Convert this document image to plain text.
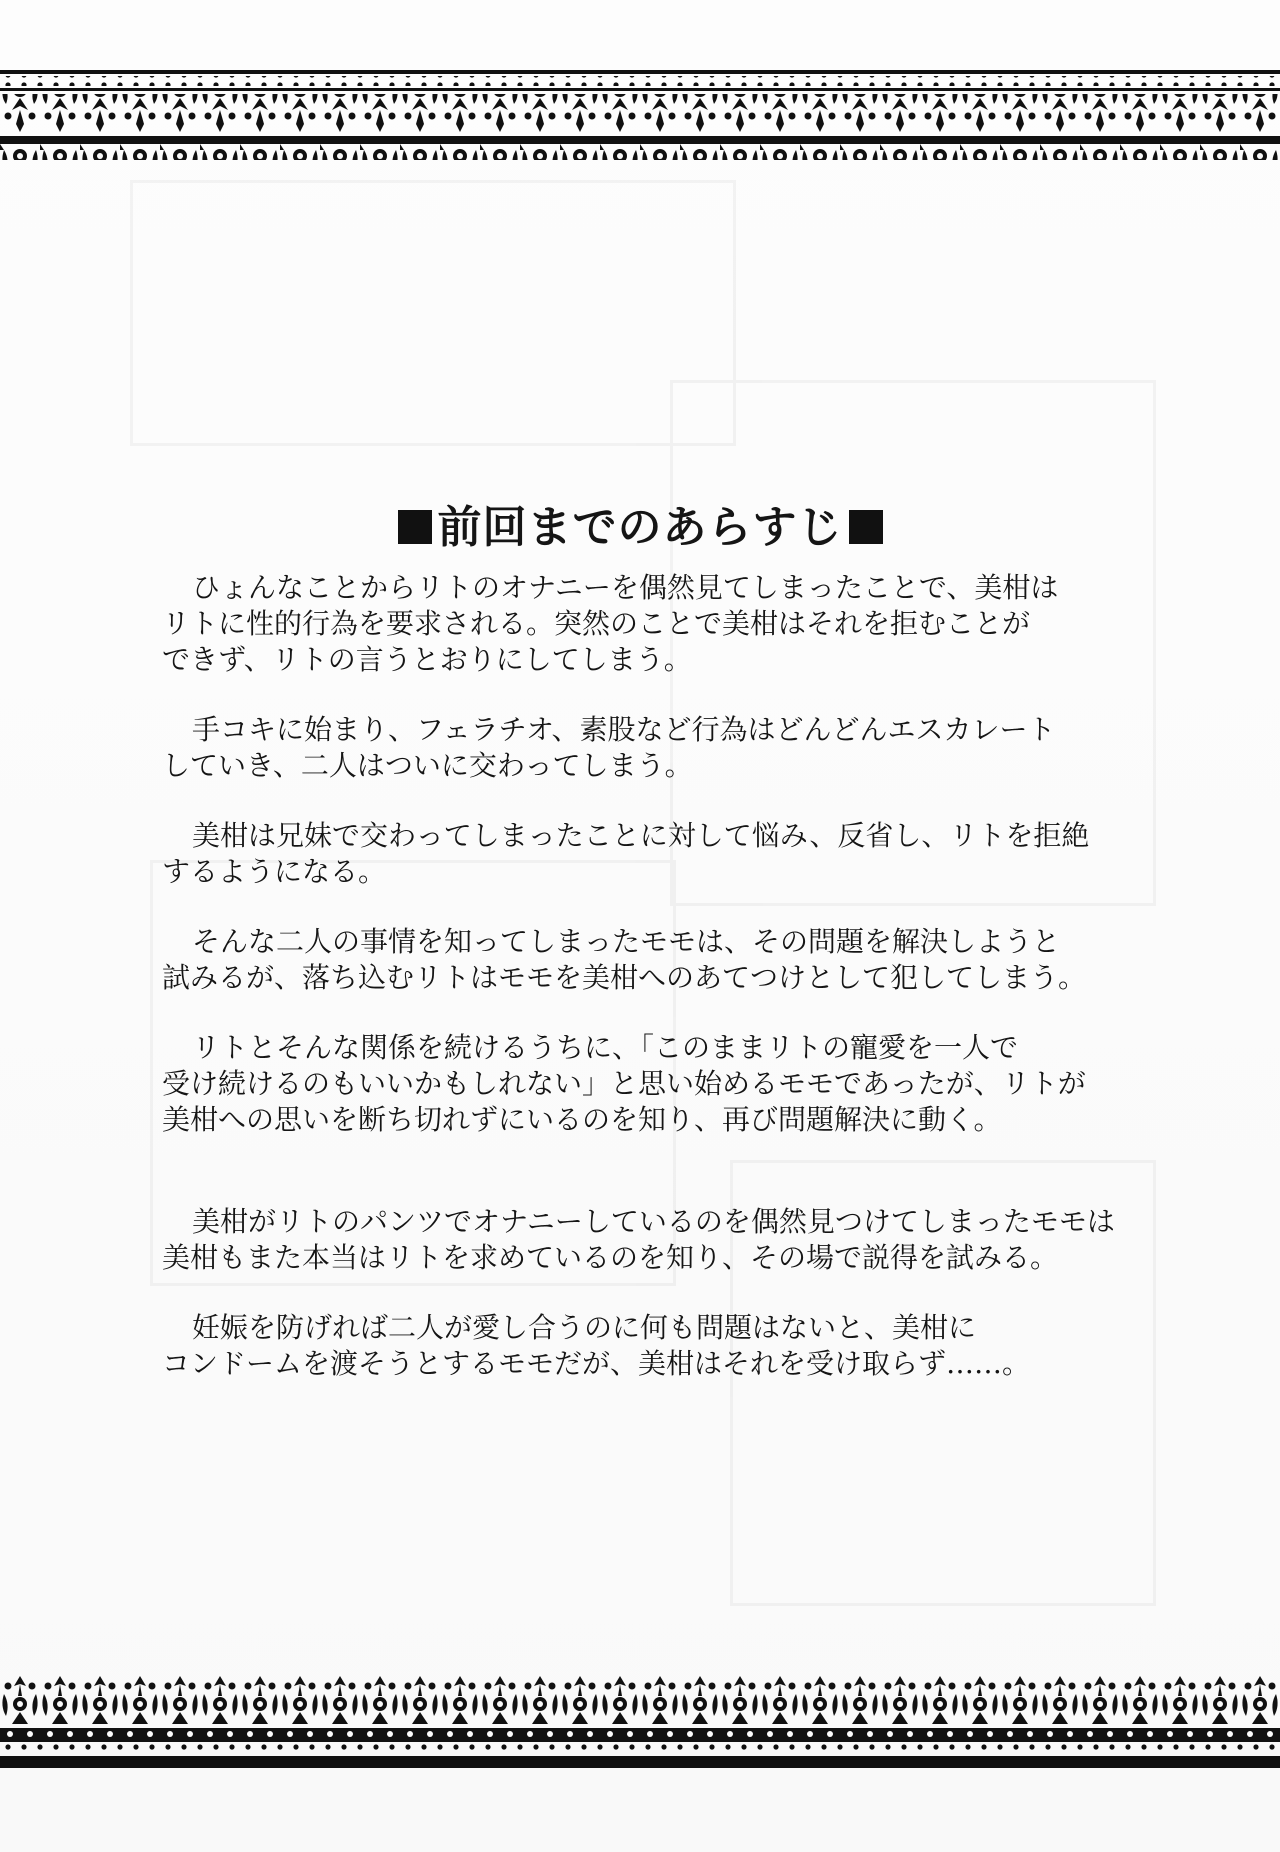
前回までのあらすじ

ひょんなことからリトのオナニーを偶然見てしまったことで、美柑は
リトに性的行為を要求される。突然のことで美柑はそれを拒むことが
できず、リトの言うとおりにしてしまう。

手コキに始まり、フェラチオ、素股など行為はどんどんエスカレート
していき、二人はついに交わってしまう。

美柑は兄妹で交わってしまったことに対して悩み、反省し、リトを拒絶
するようになる。

そんな二人の事情を知ってしまったモモは、その問題を解決しようと
試みるが、落ち込むリトはモモを美柑へのあてつけとして犯してしまう。

リトとそんな関係を続けるうちに、「このままリトの寵愛を一人で
受け続けるのもいいかもしれない」と思い始めるモモであったが、リトが
美柑への思いを断ち切れずにいるのを知り、再び問題解決に動く。

美柑がリトのパンツでオナニーしているのを偶然見つけてしまったモモは
美柑もまた本当はリトを求めているのを知り、その場で説得を試みる。

妊娠を防げれば二人が愛し合うのに何も問題はないと、美柑に
コンドームを渡そうとするモモだが、美柑はそれを受け取らず……。
